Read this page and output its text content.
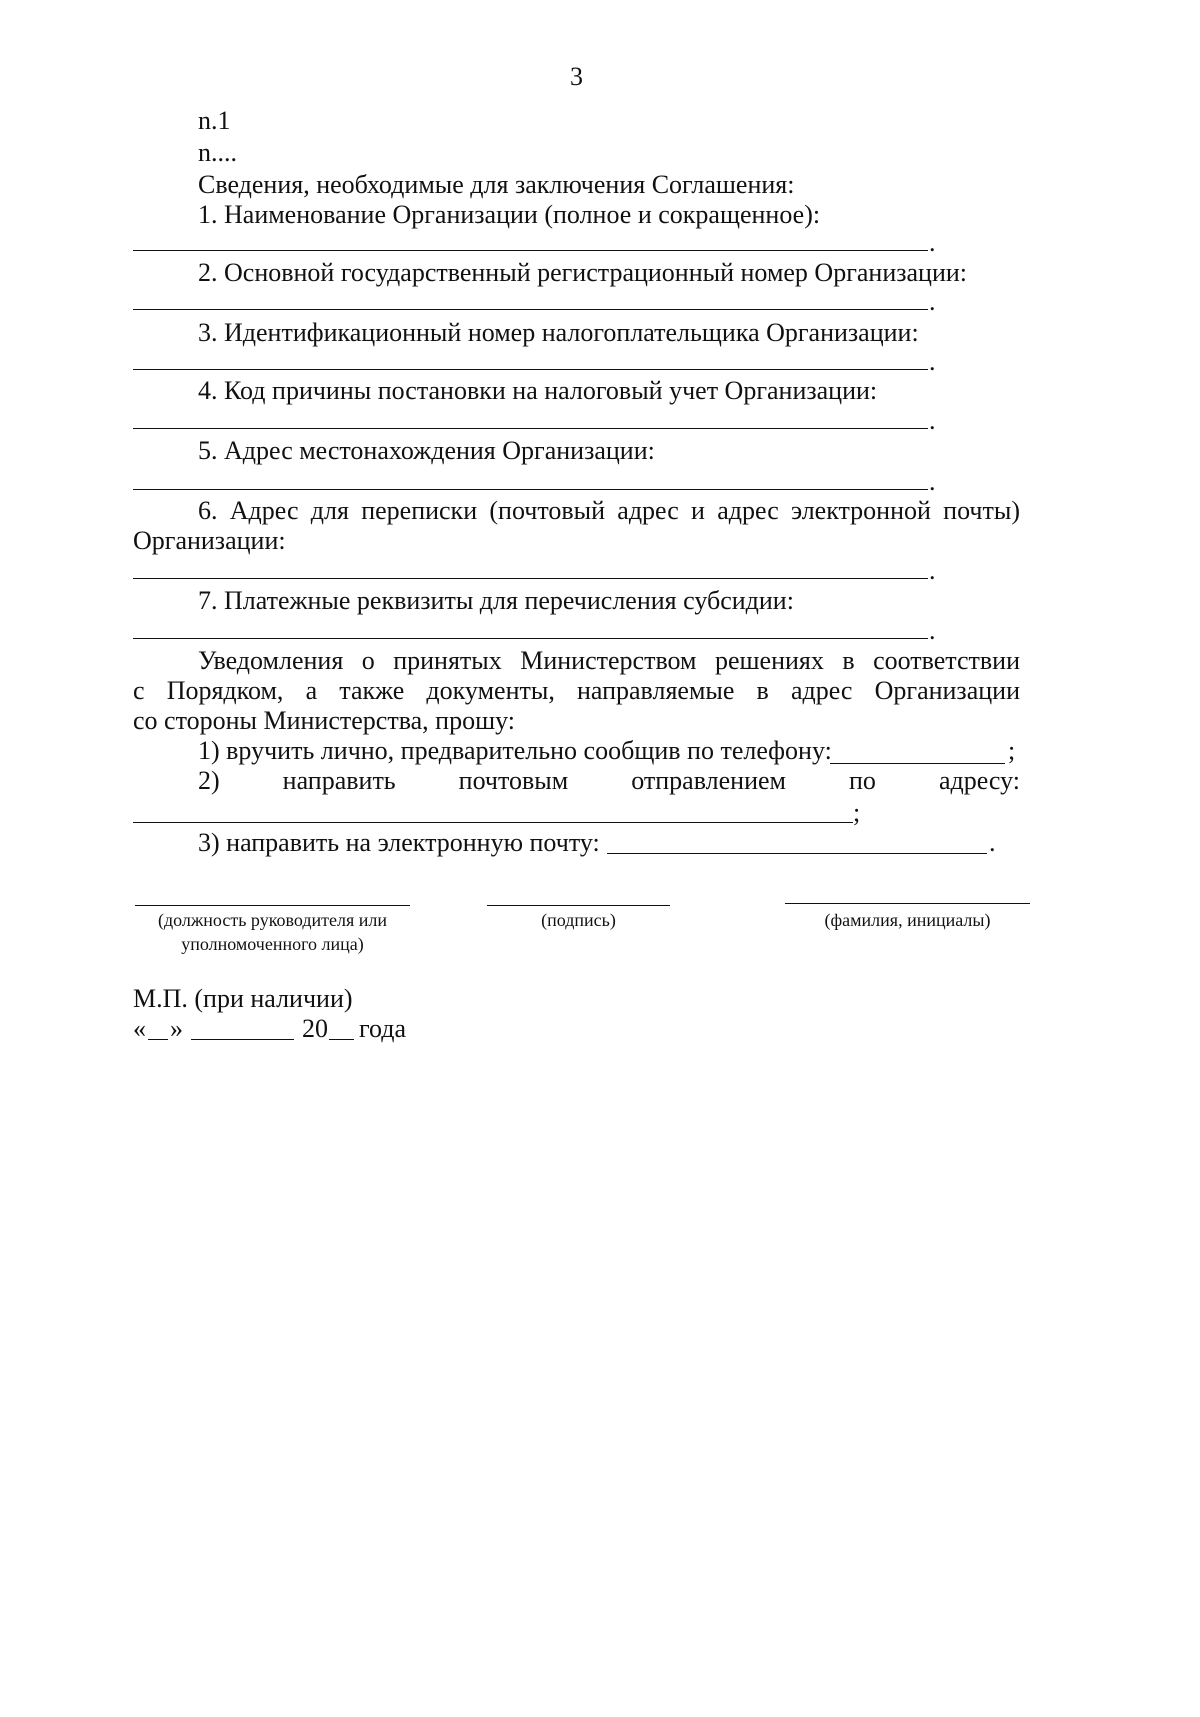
3
n.1
n....
Сведения, необходимые для заключения Соглашения:
1. Наименование Организации (полное и сокращенное):
.
2. Основной государственный регистрационный номер Организации:
.
3. Идентификационный номер налогоплательщика Организации:
.
4. Код причины постановки на налоговый учет Организации:
.
5. Адрес местонахождения Организации:
.
6. Адрес для переписки (почтовый адрес и адрес электронной почты)
Организации:
.
7. Платежные реквизиты для перечисления субсидии:
.
Уведомления о принятых Министерством решениях в соответствии
с Порядком, а также документы, направляемые в адрес Организации
со стороны Министерства, прошу:
1) вручить лично, предварительно сообщив по телефону:	;
2) направить почтовым отправлением по адресу:
;
3) направить на электронную почту:	.
(должность руководителя или уполномоченного лица)
(подпись)	(фамилия, инициалы)
М.П. (при наличии)
« »	20 года
